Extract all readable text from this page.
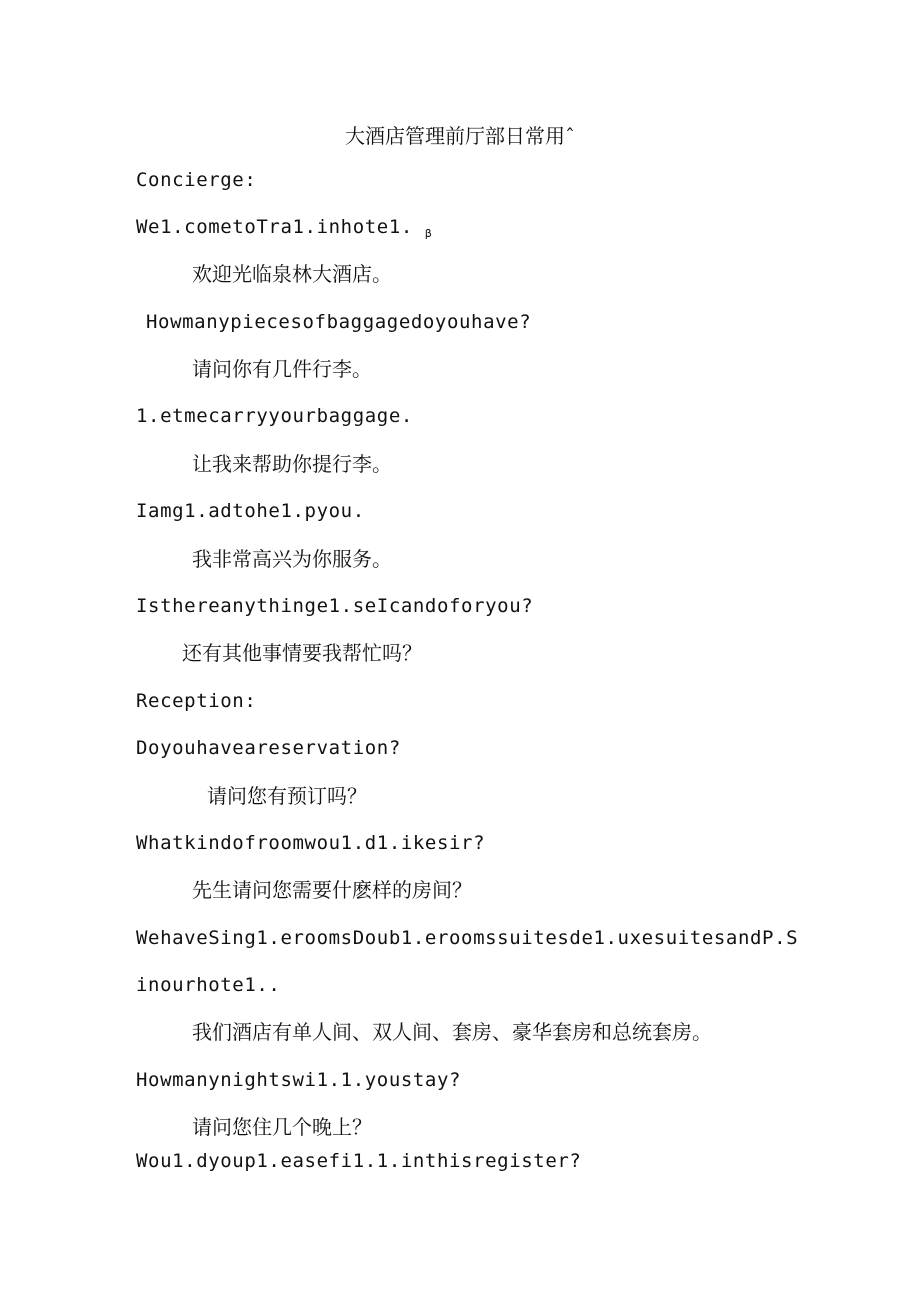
大酒店管理前厅部日常用ˆ
Concierge:
We1.cometoTra1.inhote1. $_\beta$
欢迎光临泉林大酒店。
Howmanypiecesofbaggagedoyouhave?
请问你有几件行李。
1.etmecarryyourbaggage.
让我来帮助你提行李。
Iamg1.adtohe1.pyou.
我非常高兴为你服务。
Isthereanythinge1.seIcandoforyou?
还有其他事情要我帮忙吗？
Reception:
Doyouhaveareservation?
请问您有预订吗？
Whatkindofroomwou1.d1.ikesir?
先生请问您需要什麽样的房间？
WehaveSing1.eroomsDoub1.eroomssuitesde1.uxesuitesandP.S
inourhote1..
我们酒店有单人间、双人间、套房、豪华套房和总统套房。
Howmanynightswi1.1.youstay?
请问您住几个晚上？
Wou1.dyoup1.easefi1.1.inthisregister?
